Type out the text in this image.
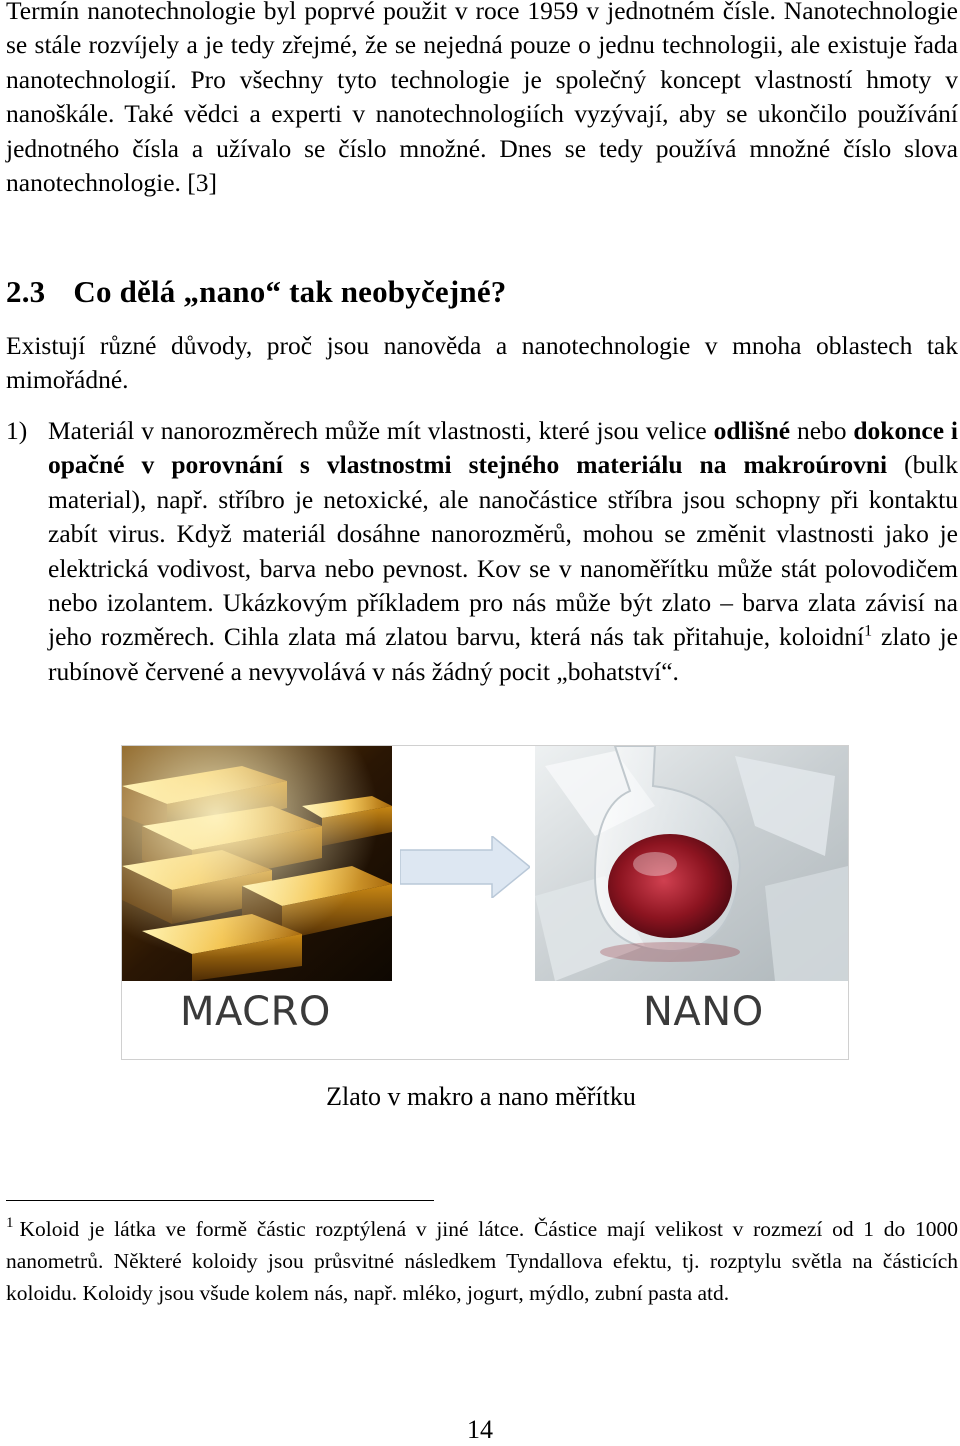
Termín nanotechnologie byl poprvé použit v roce 1959 v jednotném čísle. Nanotechnologie se stále rozvíjely a je tedy zřejmé, že se nejedná pouze o jednu technologii, ale existuje řada nanotechnologií. Pro všechny tyto technologie je společný koncept vlastností hmoty v nanoškále. Také vědci a experti v nanotechnologiích vyzývají, aby se ukončilo používání jednotného čísla a užívalo se číslo množné. Dnes se tedy používá množné číslo slova nanotechnologie. [3]

2.3 Co dělá „nano“ tak neobyčejné?

Existují různé důvody, proč jsou nanověda a nanotechnologie v mnoha oblastech tak mimořádné.

1) Materiál v nanorozměrech může mít vlastnosti, které jsou velice odlišné nebo dokonce i opačné v porovnání s vlastnostmi stejného materiálu na makroúrovni (bulk material), např. stříbro je netoxické, ale nanočástice stříbra jsou schopny při kontaktu zabít virus. Když materiál dosáhne nanorozměrů, mohou se změnit vlastnosti jako je elektrická vodivost, barva nebo pevnost. Kov se v nanoměřítku může stát polovodičem nebo izolantem. Ukázkovým příkladem pro nás může být zlato – barva zlata závisí na jeho rozměrech. Cihla zlata má zlatou barvu, která nás tak přitahuje, koloidní$^1$ zlato je rubínově červené a nevyvolává v nás žádný pocit „bohatství“.
MACRO	NANO

Zlato v makro a nano měřítku

$^1$ Koloid je látka ve formě částic rozptýlená v jiné látce. Částice mají velikost v rozmezí od 1 do 1000 nanometrů. Některé koloidy jsou průsvitné následkem Tyndallova efektu, tj. rozptylu světla na částicích koloidu. Koloidy jsou všude kolem nás, např. mléko, jogurt, mýdlo, zubní pasta atd.

14
